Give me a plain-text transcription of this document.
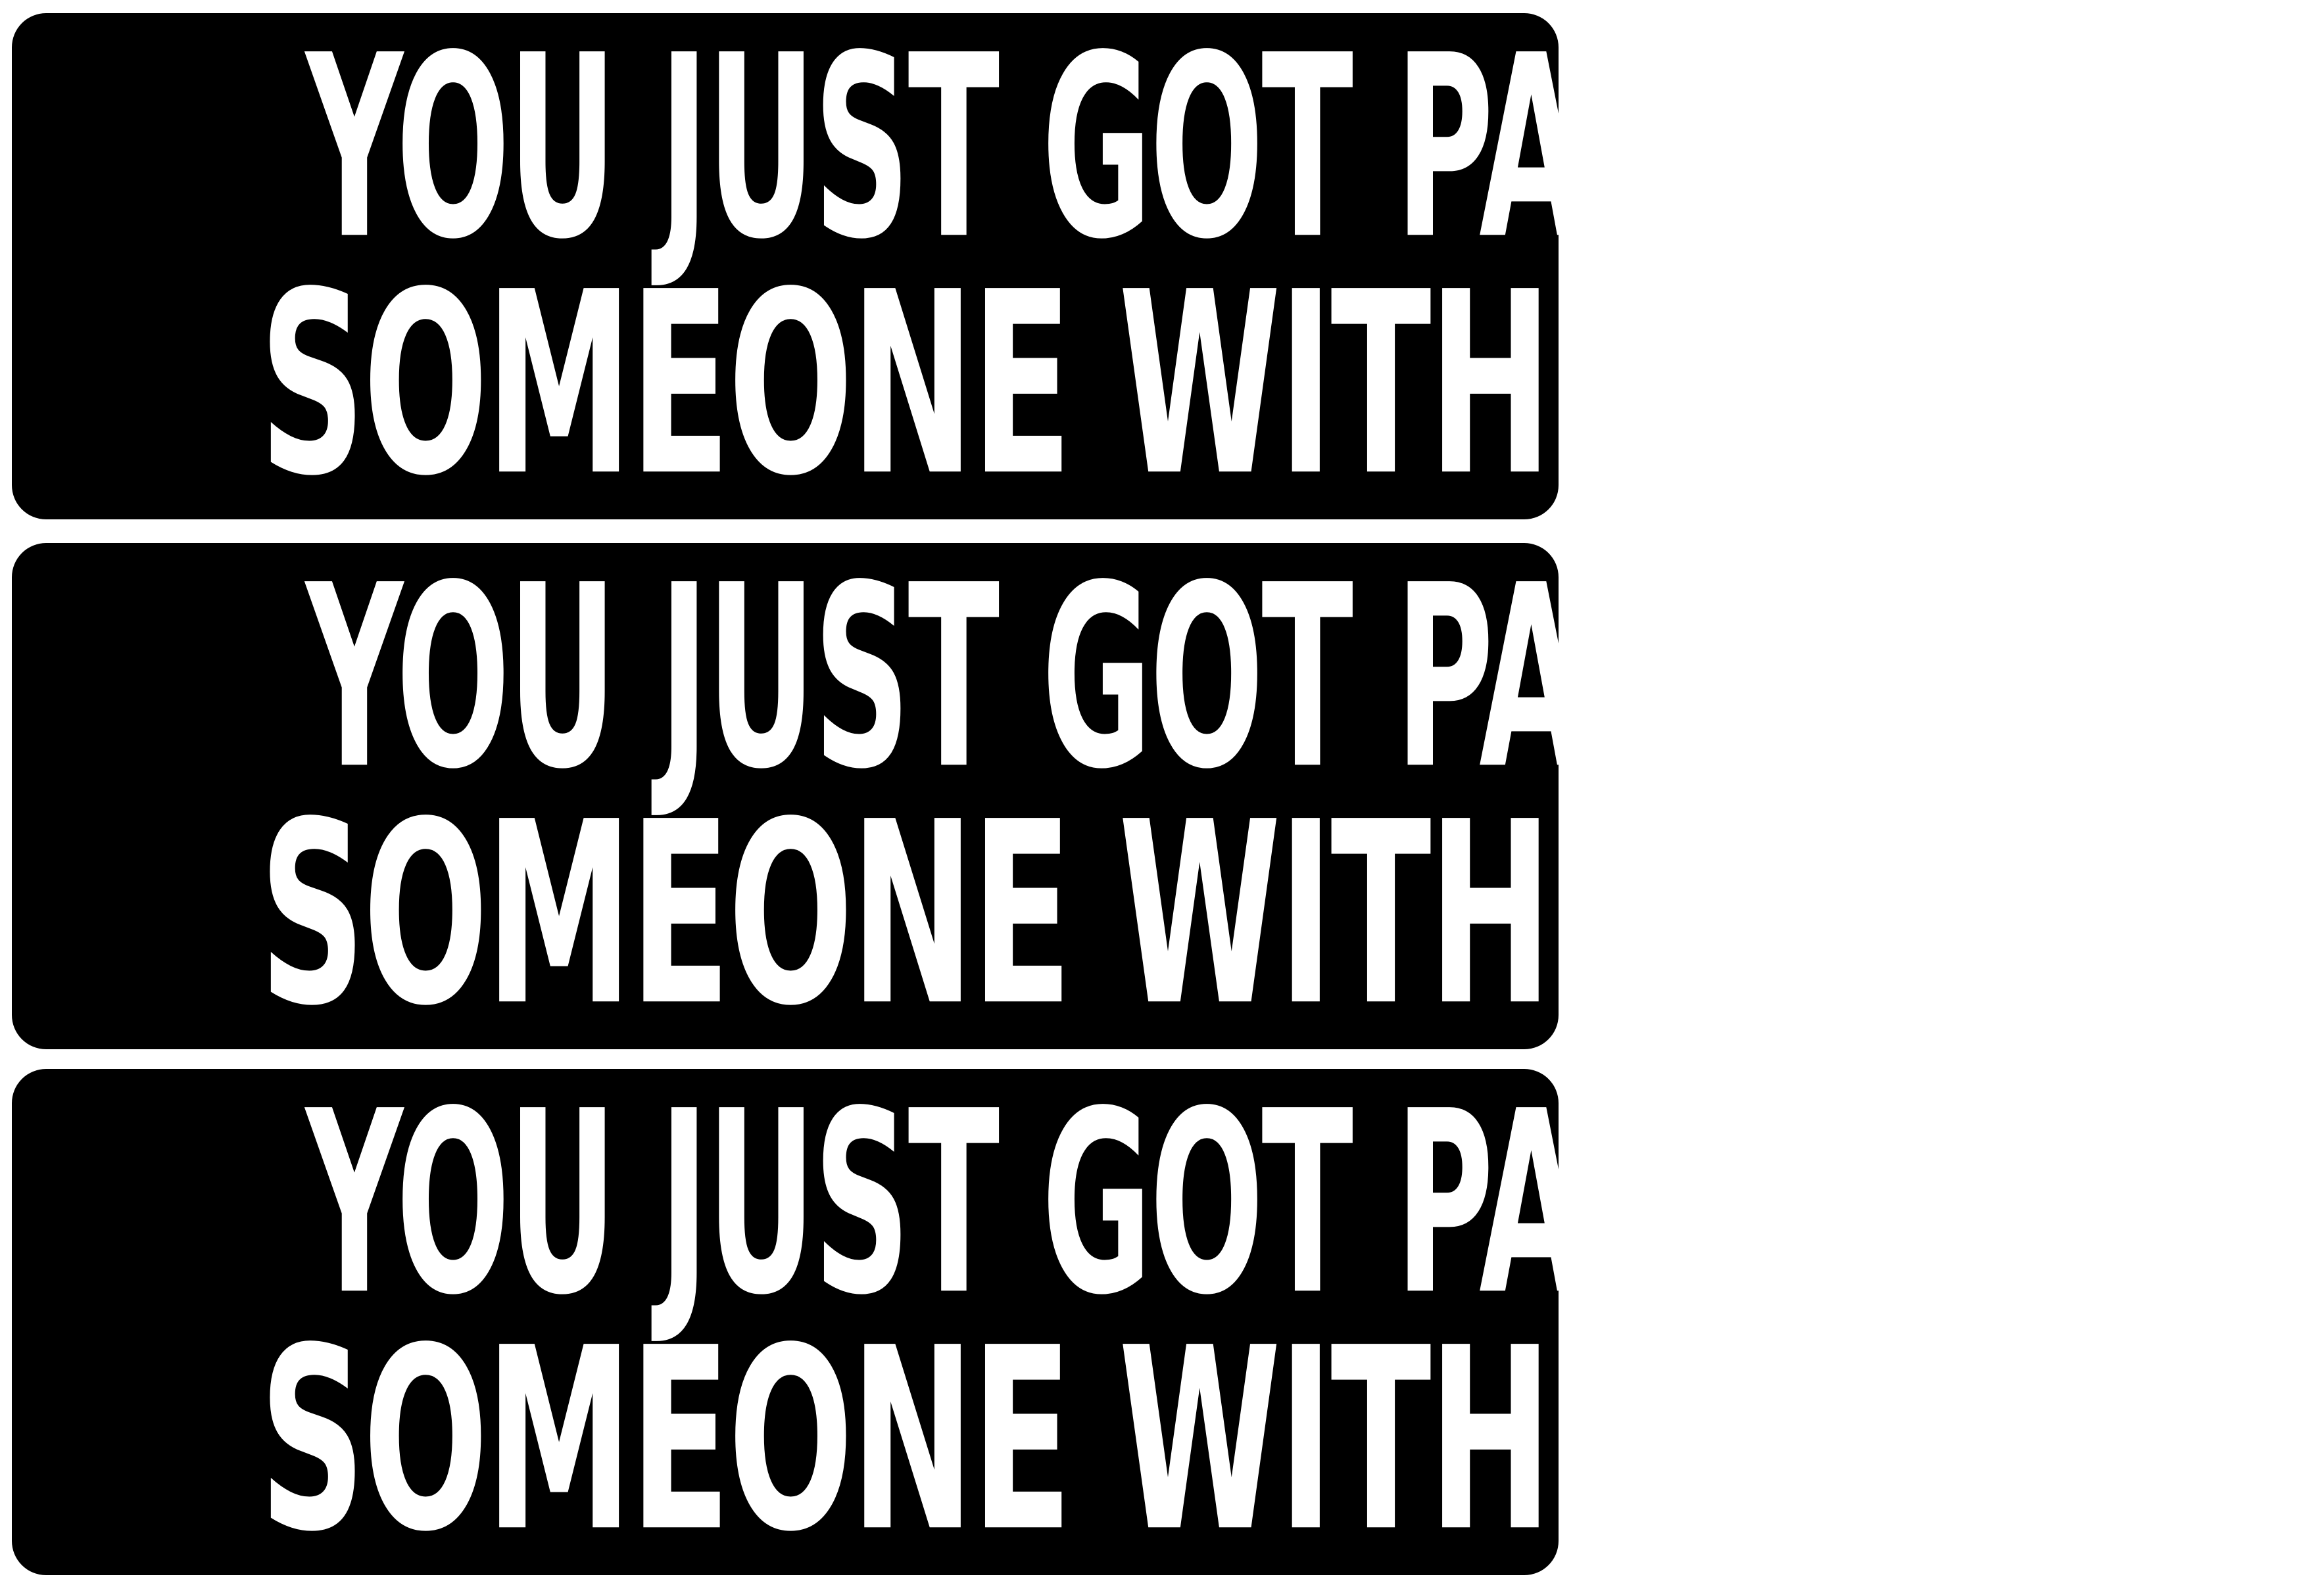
YOU JUST GOT PASSED BY
SOMEONE WITH AUSTISM
YOU JUST GOT PASSED BY
SOMEONE WITH AUSTISM
YOU JUST GOT PASSED BY
SOMEONE WITH AUSTISM
